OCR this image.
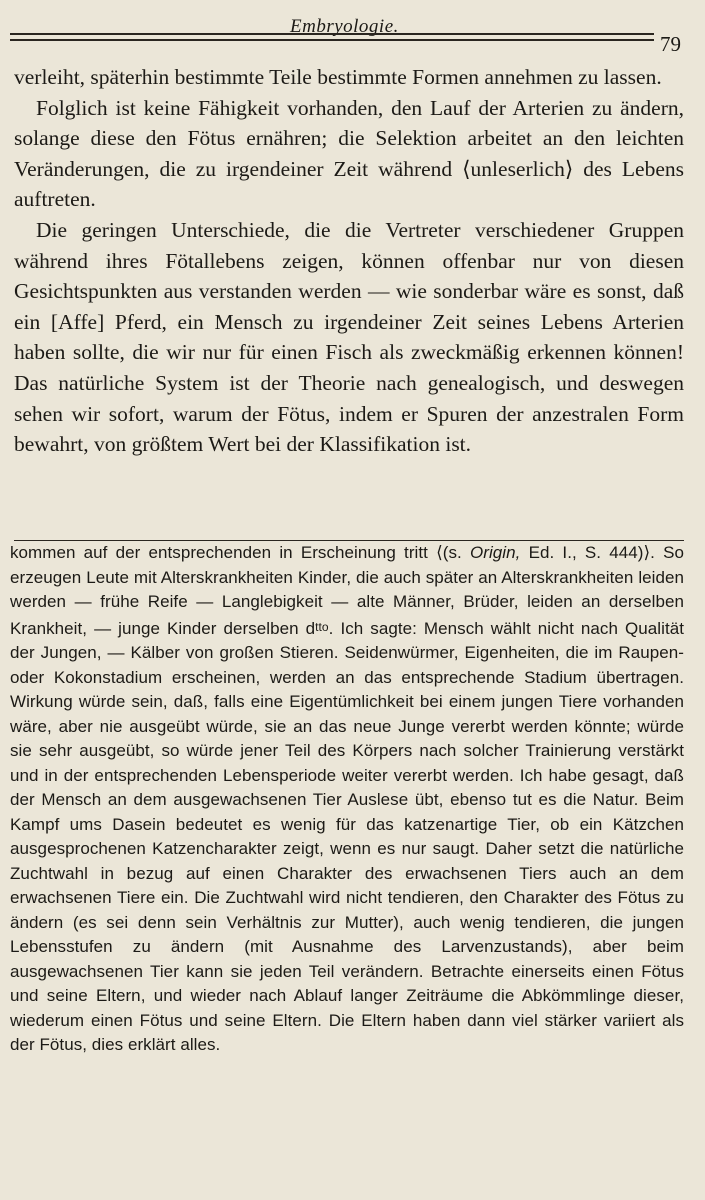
Embryologie.
79

verleiht, späterhin bestimmte Teile bestimmte Formen annehmen zu lassen.

Folglich ist keine Fähigkeit vorhanden, den Lauf der Arterien zu ändern, solange diese den Fötus ernähren; die Selektion arbeitet an den leichten Veränderungen, die zu irgendeiner Zeit während ⟨unleserlich⟩ des Lebens auftreten.

Die geringen Unterschiede, die die Vertreter verschiedener Gruppen während ihres Fötallebens zeigen, können offenbar nur von diesen Gesichtspunkten aus verstanden werden — wie sonderbar wäre es sonst, daß ein [Affe] Pferd, ein Mensch zu irgendeiner Zeit seines Lebens Arterien haben sollte, die wir nur für einen Fisch als zweckmäßig erkennen können! Das natürliche System ist der Theorie nach genealogisch, und deswegen sehen wir sofort, warum der Fötus, indem er Spuren der anzestralen Form bewahrt, von größtem Wert bei der Klassifikation ist.

kommen auf der entsprechenden in Erscheinung tritt ⟨(s. Origin, Ed. I., S. 444)⟩. So erzeugen Leute mit Alterskrankheiten Kinder, die auch später an Alterskrankheiten leiden werden — frühe Reife — Langlebigkeit — alte Männer, Brüder, leiden an derselben Krankheit, — junge Kinder derselben dtto. Ich sagte: Mensch wählt nicht nach Qualität der Jungen, — Kälber von großen Stieren. Seidenwürmer, Eigenheiten, die im Raupen- oder Kokonstadium erscheinen, werden an das entsprechende Stadium übertragen. Wirkung würde sein, daß, falls eine Eigentümlichkeit bei einem jungen Tiere vorhanden wäre, aber nie ausgeübt würde, sie an das neue Junge vererbt werden könnte; würde sie sehr ausgeübt, so würde jener Teil des Körpers nach solcher Trainierung verstärkt und in der entsprechenden Lebensperiode weiter vererbt werden. Ich habe gesagt, daß der Mensch an dem ausgewachsenen Tier Auslese übt, ebenso tut es die Natur. Beim Kampf ums Dasein bedeutet es wenig für das katzenartige Tier, ob ein Kätzchen ausgesprochenen Katzencharakter zeigt, wenn es nur saugt. Daher setzt die natürliche Zuchtwahl in bezug auf einen Charakter des erwachsenen Tiers auch an dem erwachsenen Tiere ein. Die Zuchtwahl wird nicht tendieren, den Charakter des Fötus zu ändern (es sei denn sein Verhältnis zur Mutter), auch wenig tendieren, die jungen Lebensstufen zu ändern (mit Ausnahme des Larvenzustands), aber beim ausgewachsenen Tier kann sie jeden Teil verändern. Betrachte einerseits einen Fötus und seine Eltern, und wieder nach Ablauf langer Zeiträume die Abkömmlinge dieser, wiederum einen Fötus und seine Eltern. Die Eltern haben dann viel stärker variiert als der Fötus, dies erklärt alles.
